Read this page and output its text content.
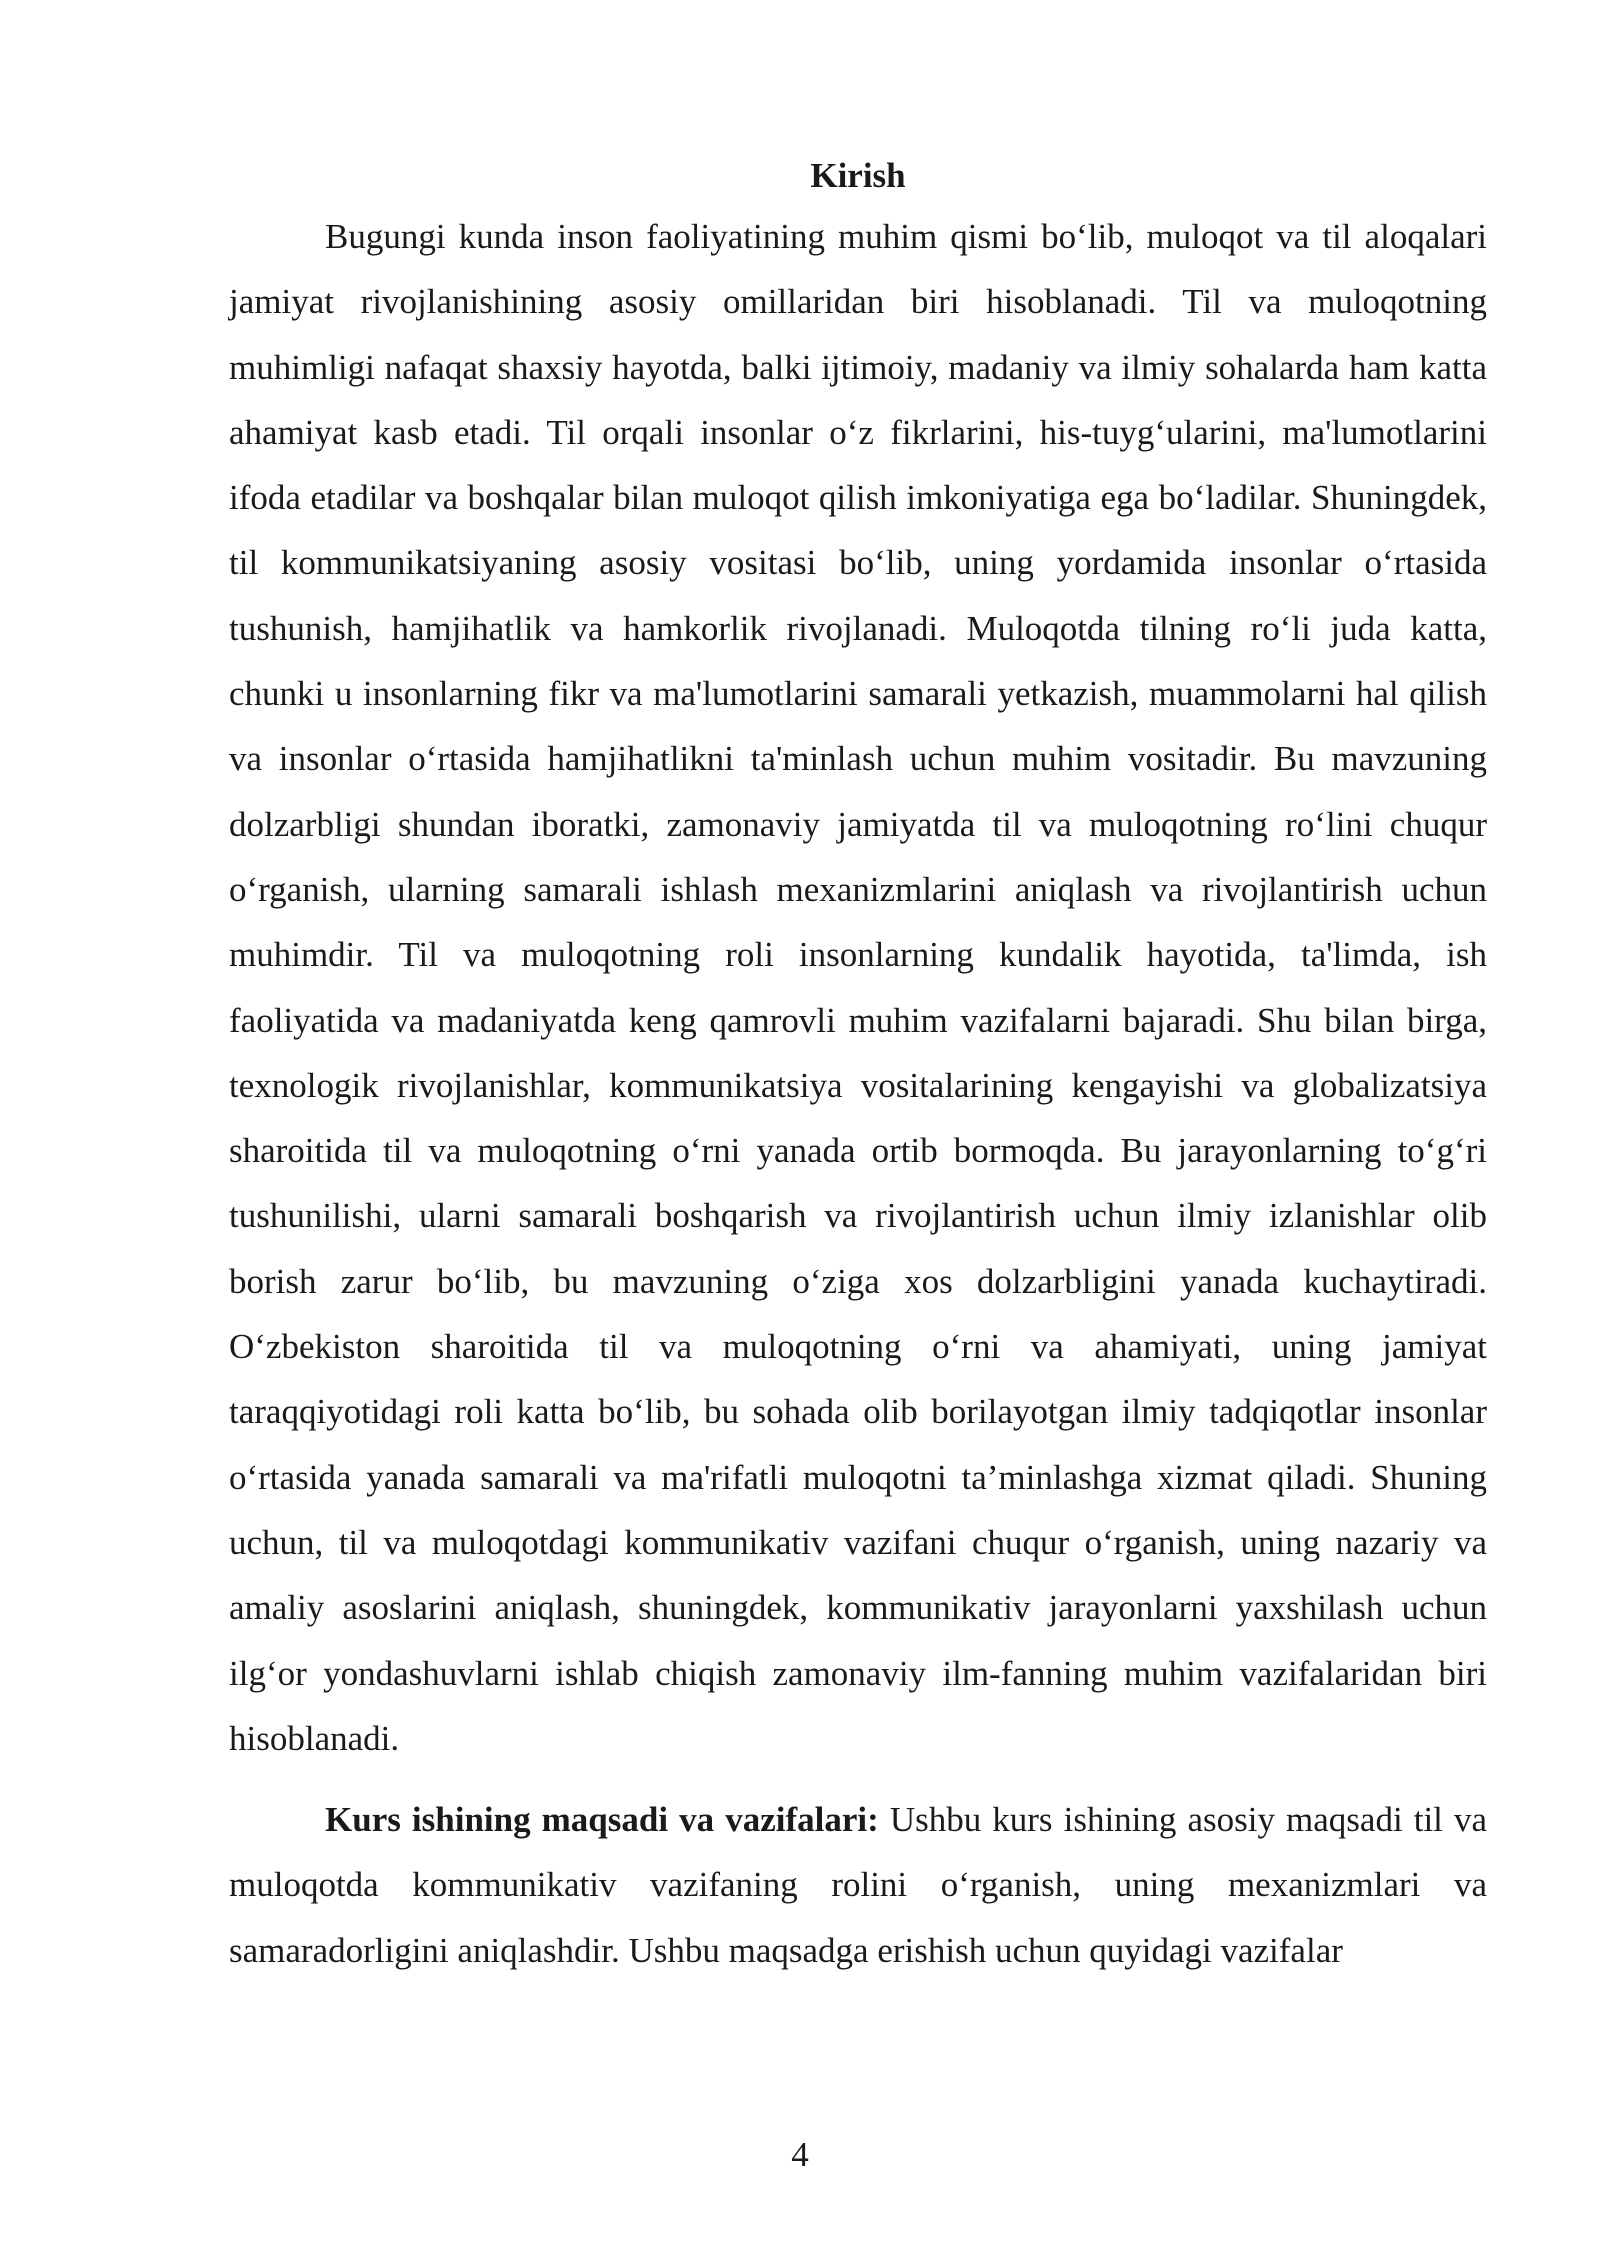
Kirish

Bugungi kunda inson faoliyatining muhim qismi bo‘lib, muloqot va til aloqalari jamiyat rivojlanishining asosiy omillaridan biri hisoblanadi. Til va muloqotning muhimligi nafaqat shaxsiy hayotda, balki ijtimoiy, madaniy va ilmiy sohalarda ham katta ahamiyat kasb etadi. Til orqali insonlar o‘z fikrlarini, his-tuyg‘ularini, ma'lumotlarini ifoda etadilar va boshqalar bilan muloqot qilish imkoniyatiga ega bo‘ladilar. Shuningdek, til kommunikatsiyaning asosiy vositasi bo‘lib, uning yordamida insonlar o‘rtasida tushunish, hamjihatlik va hamkorlik rivojlanadi. Muloqotda tilning ro‘li juda katta, chunki u insonlarning fikr va ma'lumotlarini samarali yetkazish, muammolarni hal qilish va insonlar o‘rtasida hamjihatlikni ta'minlash uchun muhim vositadir. Bu mavzuning dolzarbligi shundan iboratki, zamonaviy jamiyatda til va muloqotning ro‘lini chuqur o‘rganish, ularning samarali ishlash mexanizmlarini aniqlash va rivojlantirish uchun muhimdir. Til va muloqotning roli insonlarning kundalik hayotida, ta'limda, ish faoliyatida va madaniyatda keng qamrovli muhim vazifalarni bajaradi. Shu bilan birga, texnologik rivojlanishlar, kommunikatsiya vositalarining kengayishi va globalizatsiya sharoitida til va muloqotning o‘rni yanada ortib bormoqda. Bu jarayonlarning to‘g‘ri tushunilishi, ularni samarali boshqarish va rivojlantirish uchun ilmiy izlanishlar olib borish zarur bo‘lib, bu mavzuning o‘ziga xos dolzarbligini yanada kuchaytiradi. O‘zbekiston sharoitida til va muloqotning o‘rni va ahamiyati, uning jamiyat taraqqiyotidagi roli katta bo‘lib, bu sohada olib borilayotgan ilmiy tadqiqotlar insonlar o‘rtasida yanada samarali va ma'rifatli muloqotni ta’minlashga xizmat qiladi. Shuning uchun, til va muloqotdagi kommunikativ vazifani chuqur o‘rganish, uning nazariy va amaliy asoslarini aniqlash, shuningdek, kommunikativ jarayonlarni yaxshilash uchun ilg‘or yondashuvlarni ishlab chiqish zamonaviy ilm-fanning muhim vazifalaridan biri hisoblanadi.

Kurs ishining maqsadi va vazifalari: Ushbu kurs ishining asosiy maqsadi til va muloqotda kommunikativ vazifaning rolini o‘rganish, uning mexanizmlari va samaradorligini aniqlashdir. Ushbu maqsadga erishish uchun quyidagi vazifalar

4
